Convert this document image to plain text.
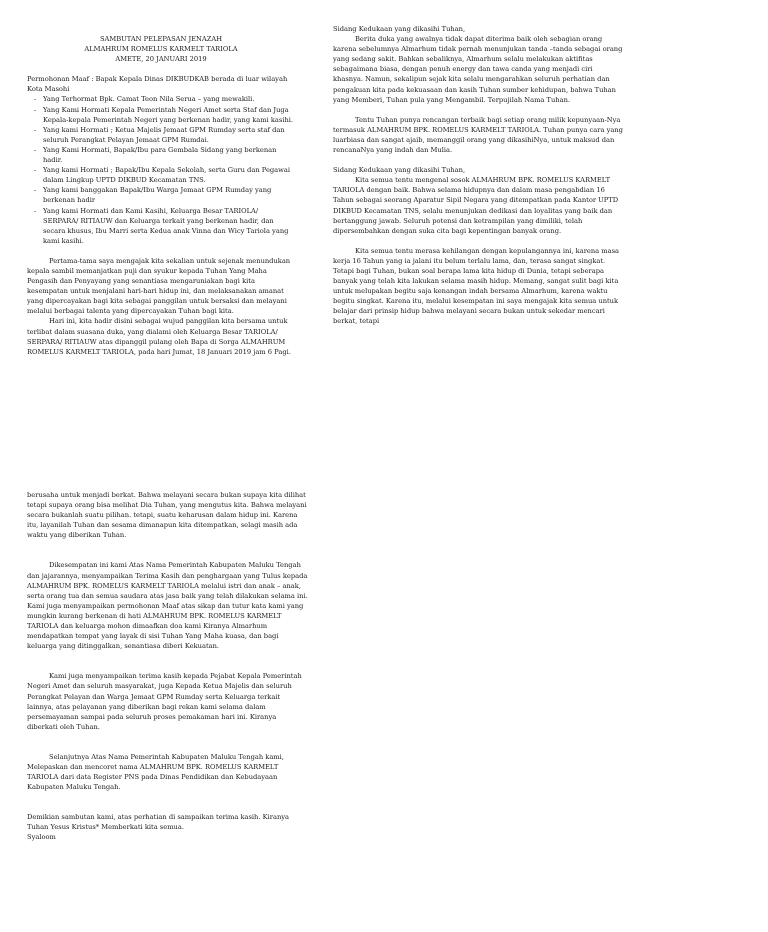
SAMBUTAN PELEPASAN JENAZAH

ALMAHRUM ROMELUS KARMELT TARIOLA

AMETE, 20 JANUARI 2019

Permohonan Maaf : Bapak Kepala Dinas DIKBUDKAB berada di luar wilayah Kota Masohi

-	Yang Terhormat Bpk. Camat Teon Nila Serua – yang mewakili.
-	Yang Kami Hormati Kepala Pemerintah Negeri Amet serta Staf dan Juga Kepala-kepala Pemerintah Negeri yang berkenan hadir, yang kami kasihi.
-	Yang kami Hormati ; Ketua Majelis Jemaat GPM Rumday serta staf dan seluruh Perangkat Pelayan Jemaat GPM Rumdai.
-	Yang Kami Hormati, Bapak/Ibu para Gembala Sidang yang berkenan hadir.
-	Yang kami Hormati ; Bapak/Ibu Kepala Sekolah, serta Guru dan Pegawai dalam Lingkup UPTD DIKBUD Kecamatan TNS.
-	Yang kami banggakan Bapak/Ibu Warga Jemaat GPM Rumday yang berkenan hadir
-	Yang kami Hormati dan Kami Kasihi, Keluarga Besar TARIOLA/ SERPARA/ RITIAUW dan Keluarga terkait yang berkenan hadir, dan secara khusus, Ibu Marri serta Kedua anak Vinna dan Wicy Tariola yang kami kasihi.

Pertama-tama saya mengajak kita sekalian untuk sejenak menundukan kepala sambil memanjatkan puji dan syukur kepada Tuhan Yang Maha Pengasih dan Penyayang yang senantiasa mengaruniakan bagi kita kesempatan untuk menjalani hari-hari hidup ini, dan melaksanakan amanat yang dipercayakan bagi kita sebagai panggilan untuk bersaksi dan melayani melalui berbagai talenta yang dipercayakan Tuhan bagi kita.

Hari ini, kita hadir disini sebagai wujud panggilan kita bersama untuk terlibat dalam suasana duka, yang dialami oleh Keluarga Besar TARIOLA/ SERPARA/ RITIAUW atas dipanggil pulang oleh Bapa di Sorga ALMAHRUM ROMELUS KARMELT TARIOLA, pada hari Jumat, 18 Januari 2019 jam 6 Pagi.

Sidang Kedukaan yang dikasihi Tuhan,

Berita duka yang awalnya tidak dapat diterima baik oleh sebagian orang karena sebelumnya Almarhum tidak pernah menunjukan tanda –tanda sebagai orang yang sedang sakit. Bahkan sebaliknya, Almarhum selalu melakukan aktifitas sebagaimana biasa, dengan penuh energy dan tawa canda yang menjadi ciri khasnya. Namun, sekalipun sejak kita selalu mengarahkan seluruh perhatian dan pengakuan kita pada kekuasaan dan kasih Tuhan sumber kehidupan, bahwa Tuhan yang Memberi, Tuhan pula yang Mengambil. Terpujilah Nama Tuhan.

Tentu Tuhan punya rencangan terbaik bagi setiap orang milik kepunyaan-Nya termasuk ALMAHRUM BPK. ROMELUS KARMELT TARIOLA. Tuhan punya cara yang luarbiasa dan sangat ajaib, memanggil orang yang dikasihiNya, untuk maksud dan rencanaNya yang indah dan Mulia.

Sidang Kedukaan yang dikasihi Tuhan,

Kita semua tentu mengenal sosok ALMAHRUM BPK. ROMELUS KARMELT TARIOLA dengan baik. Bahwa selama hidupnya dan dalam masa pengabdian 16 Tahun sebagai seorang Aparatur Sipil Negara yang ditempatkan pada Kantor UPTD DIKBUD Kecamatan TNS, selalu menunjukan dedikasi dan loyalitas yang baik dan bertanggung jawab. Seluruh potensi dan ketrampilan yang dimiliki, telah dipersembahkan dengan suka cita bagi kepentingan banyak orang.

Kita semua tentu merasa kehilangan dengan kepulangannya ini, karena masa kerja 16 Tahun yang ia jalani itu belum terlalu lama, dan, terasa sangat singkat. Tetapi bagi Tuhan, bukan soal berapa lama kita hidup di Dunia, tetapi seberapa banyak yang telah kita lakukan selama masih hidup. Memang, sangat sulit bagi kita untuk melupakan begitu saja kenangan indah bersama Almarhum, karena waktu begitu singkat. Karena itu, melalui kesempatan ini saya mengajak kita semua untuk belajar dari prinsip hidup bahwa melayani secara bukan untuk sekedar mencari berkat, tetapi

berusaha untuk menjadi berkat. Bahwa melayani secara bukan supaya kita dilihat tetapi supaya orang bisa melihat Dia Tuhan, yang mengutus kita. Bahwa melayani secara bukanlah suatu pilihan. tetapi, suatu keharusan dalam hidup ini. Karena itu, layanilah Tuhan dan sesama dimanapun kita ditempatkan, selagi masih ada waktu yang diberikan Tuhan.

Dikesempatan ini kami Atas Nama Pemerintah Kabupaten Maluku Tengah dan jajarannya, menyampaikan Terima Kasih dan penghargaan yang Tulus kepada ALMAHRUM BPK. ROMELUS KARMELT TARIOLA melalui istri dan anak – anak, serta orang tua dan semua saudara atas jasa baik yang telah dilakukan selama ini. Kami juga menyampaikan permohonan Maaf atas sikap dan tutur kata kami yang mungkin kurang berkenan di hati ALMAHRUM BPK. ROMELUS KARMELT TARIOLA dan keluarga mohon dimaafkan doa kami Kiranya Almarhum mendapatkan tempat yang layak di sisi Tuhan Yang Maha kuasa, dan bagi keluarga yang ditinggalkan, senantiasa diberi Kekuatan.

Kami juga menyampaikan terima kasih kepada Pejabat Kepala Pemerintah Negeri Amet dan seluruh masyarakat, juga Kepada Ketua Majelis dan seluruh Perangkat Pelayan dan Warga Jemaat GPM Rumday serta Keluarga terkait lainnya, atas pelayanan yang diberikan bagi rekan kami selama dalam persemayaman sampai pada seluruh proses pemakaman hari ini. Kiranya diberkati oleh Tuhan.

Selanjutnya Atas Nama Pemerintah Kabupaten Maluku Tengah kami, Melepaskan dan mencoret nama ALMAHRUM BPK. ROMELUS KARMELT TARIOLA dari data Register PNS pada Dinas Pendidikan dan Kebudayaan Kabupaten Maluku Tengah.

Demikian sambutan kami, atas perhatian di sampaikan terima kasih. Kiranya Tuhan Yesus Kristus* Memberkati kita semua.

Syaloom
